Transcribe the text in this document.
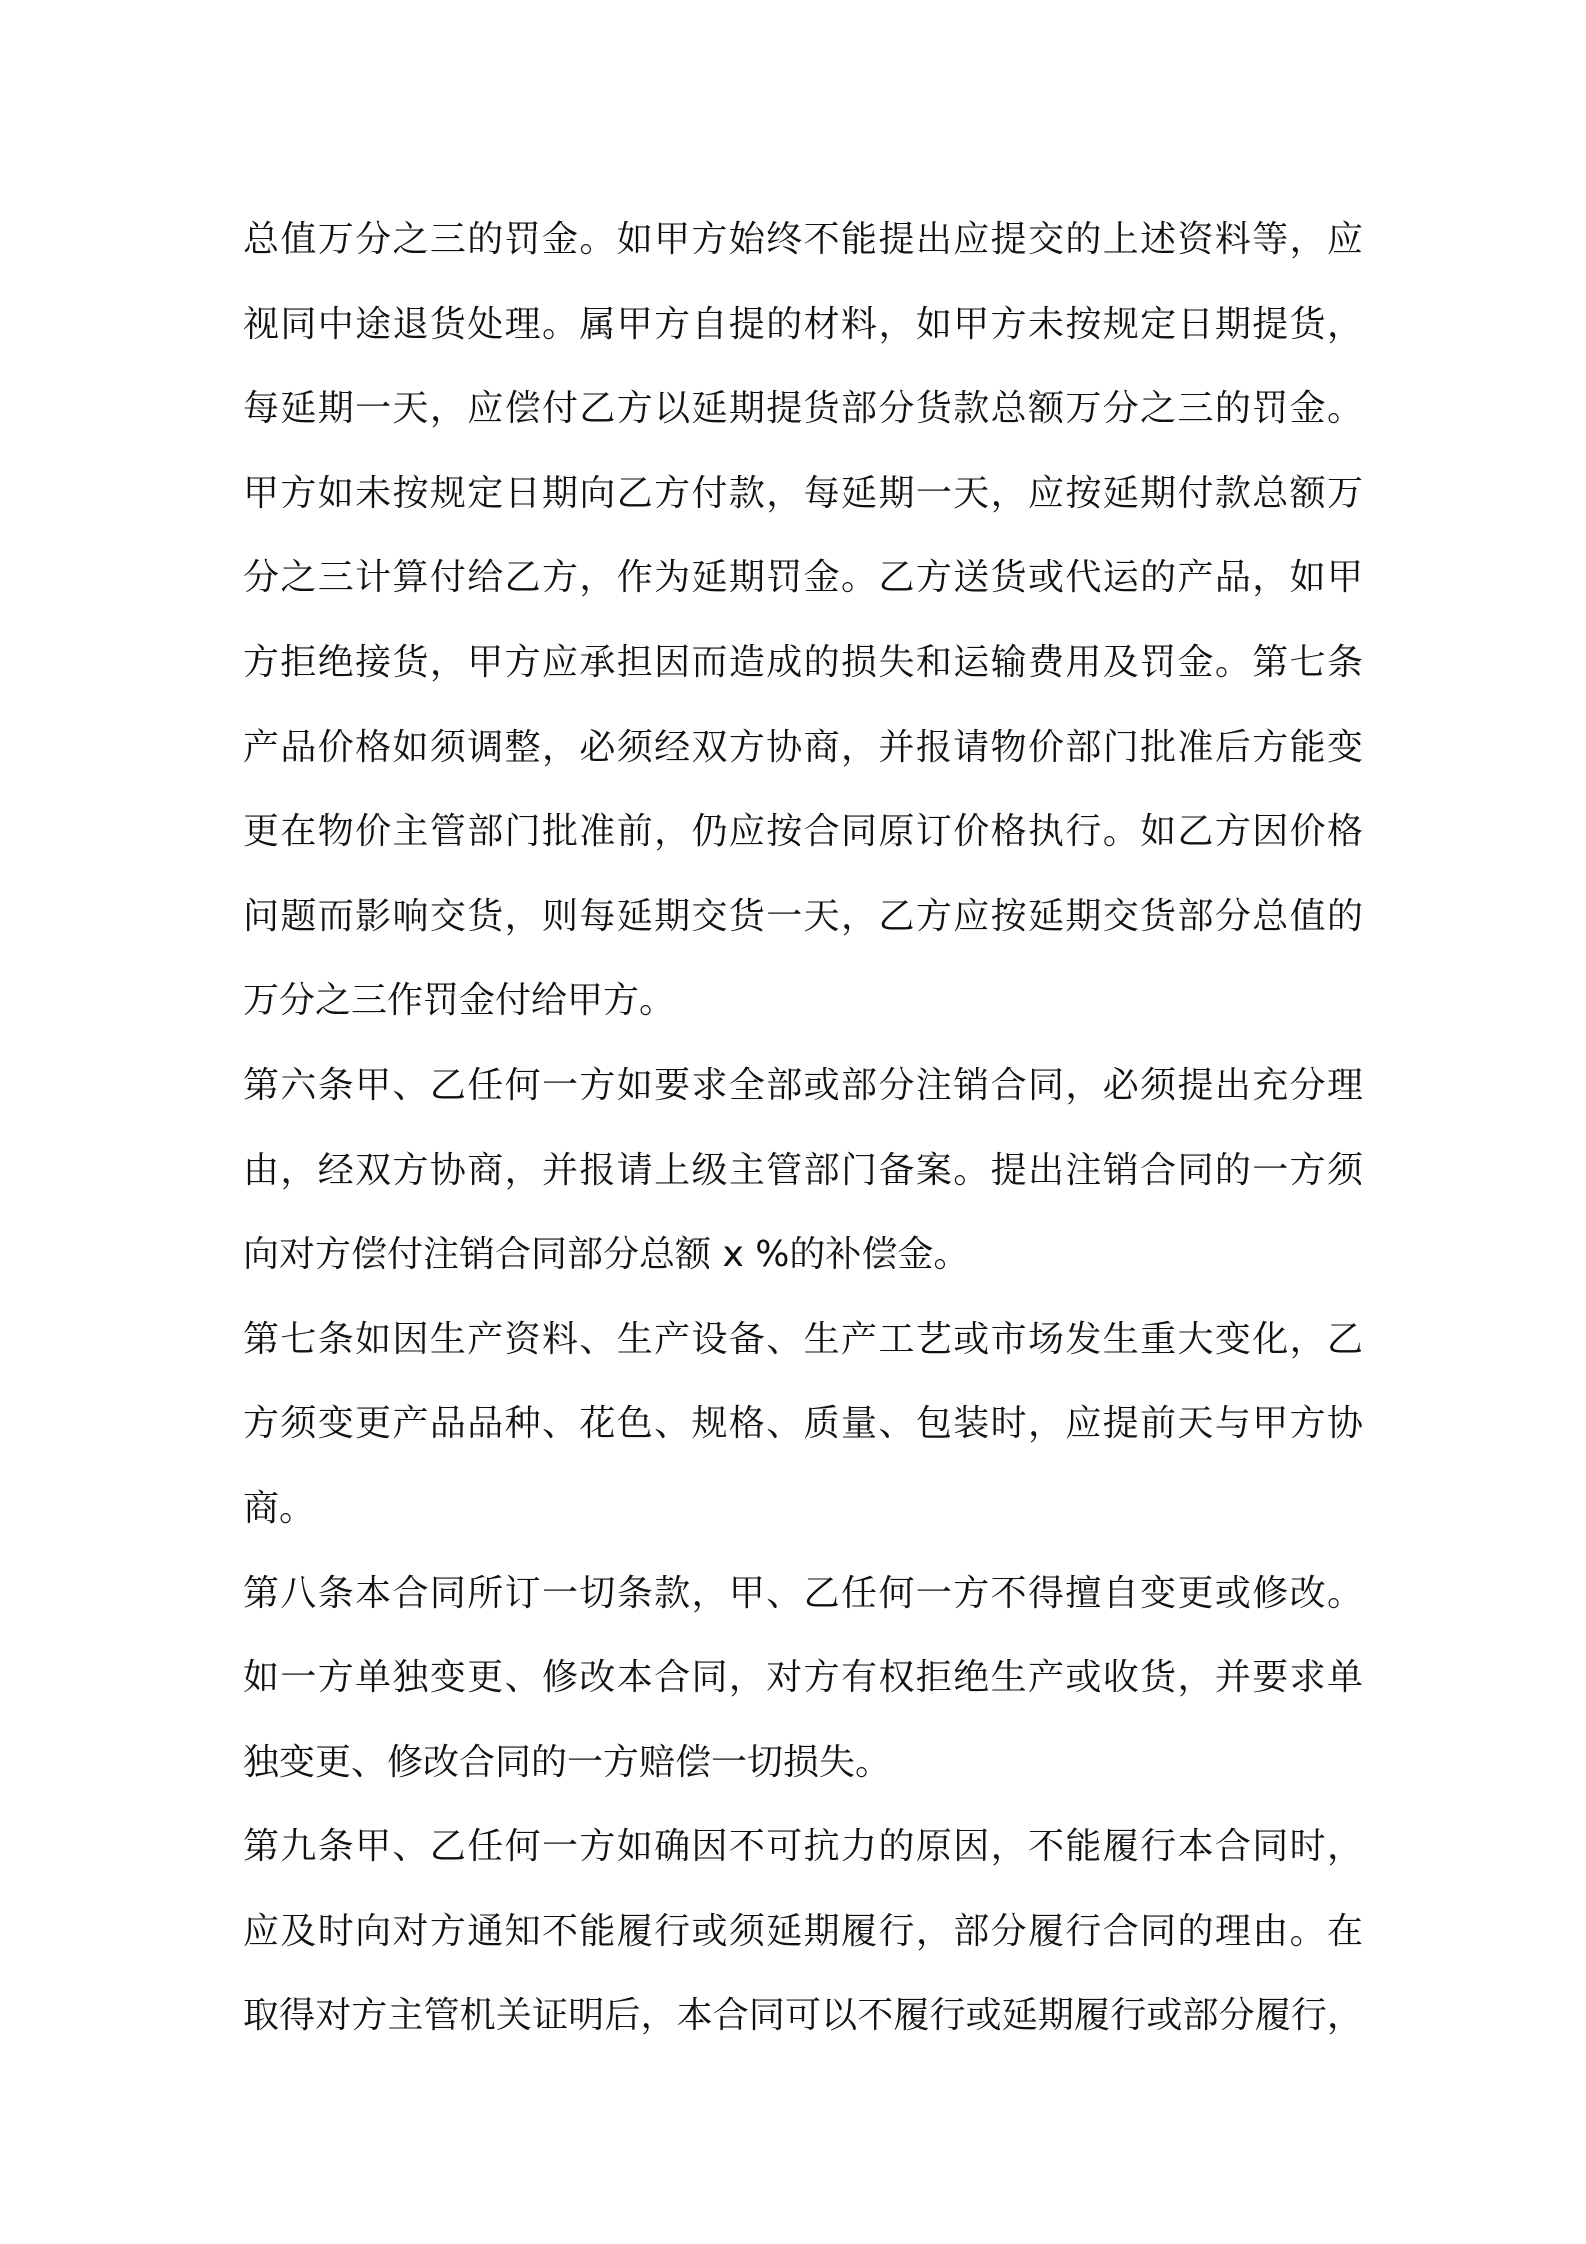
总值万分之三的罚金。如甲方始终不能提出应提交的上述资料等，应
视同中途退货处理。属甲方自提的材料，如甲方未按规定日期提货，
每延期一天，应偿付乙方以延期提货部分货款总额万分之三的罚金。
甲方如未按规定日期向乙方付款，每延期一天，应按延期付款总额万
分之三计算付给乙方，作为延期罚金。乙方送货或代运的产品，如甲
方拒绝接货，甲方应承担因而造成的损失和运输费用及罚金。第七条
产品价格如须调整，必须经双方协商，并报请物价部门批准后方能变
更在物价主管部门批准前，仍应按合同原订价格执行。如乙方因价格
问题而影响交货，则每延期交货一天，乙方应按延期交货部分总值的
万分之三作罚金付给甲方。
第六条甲、乙任何一方如要求全部或部分注销合同，必须提出充分理
由，经双方协商，并报请上级主管部门备案。提出注销合同的一方须
向对方偿付注销合同部分总额 x %的补偿金。
第七条如因生产资料、生产设备、生产工艺或市场发生重大变化，乙
方须变更产品品种、花色、规格、质量、包装时，应提前天与甲方协
商。
第八条本合同所订一切条款，甲、乙任何一方不得擅自变更或修改。
如一方单独变更、修改本合同，对方有权拒绝生产或收货，并要求单
独变更、修改合同的一方赔偿一切损失。
第九条甲、乙任何一方如确因不可抗力的原因，不能履行本合同时，
应及时向对方通知不能履行或须延期履行，部分履行合同的理由。在
取得对方主管机关证明后，本合同可以不履行或延期履行或部分履行，
